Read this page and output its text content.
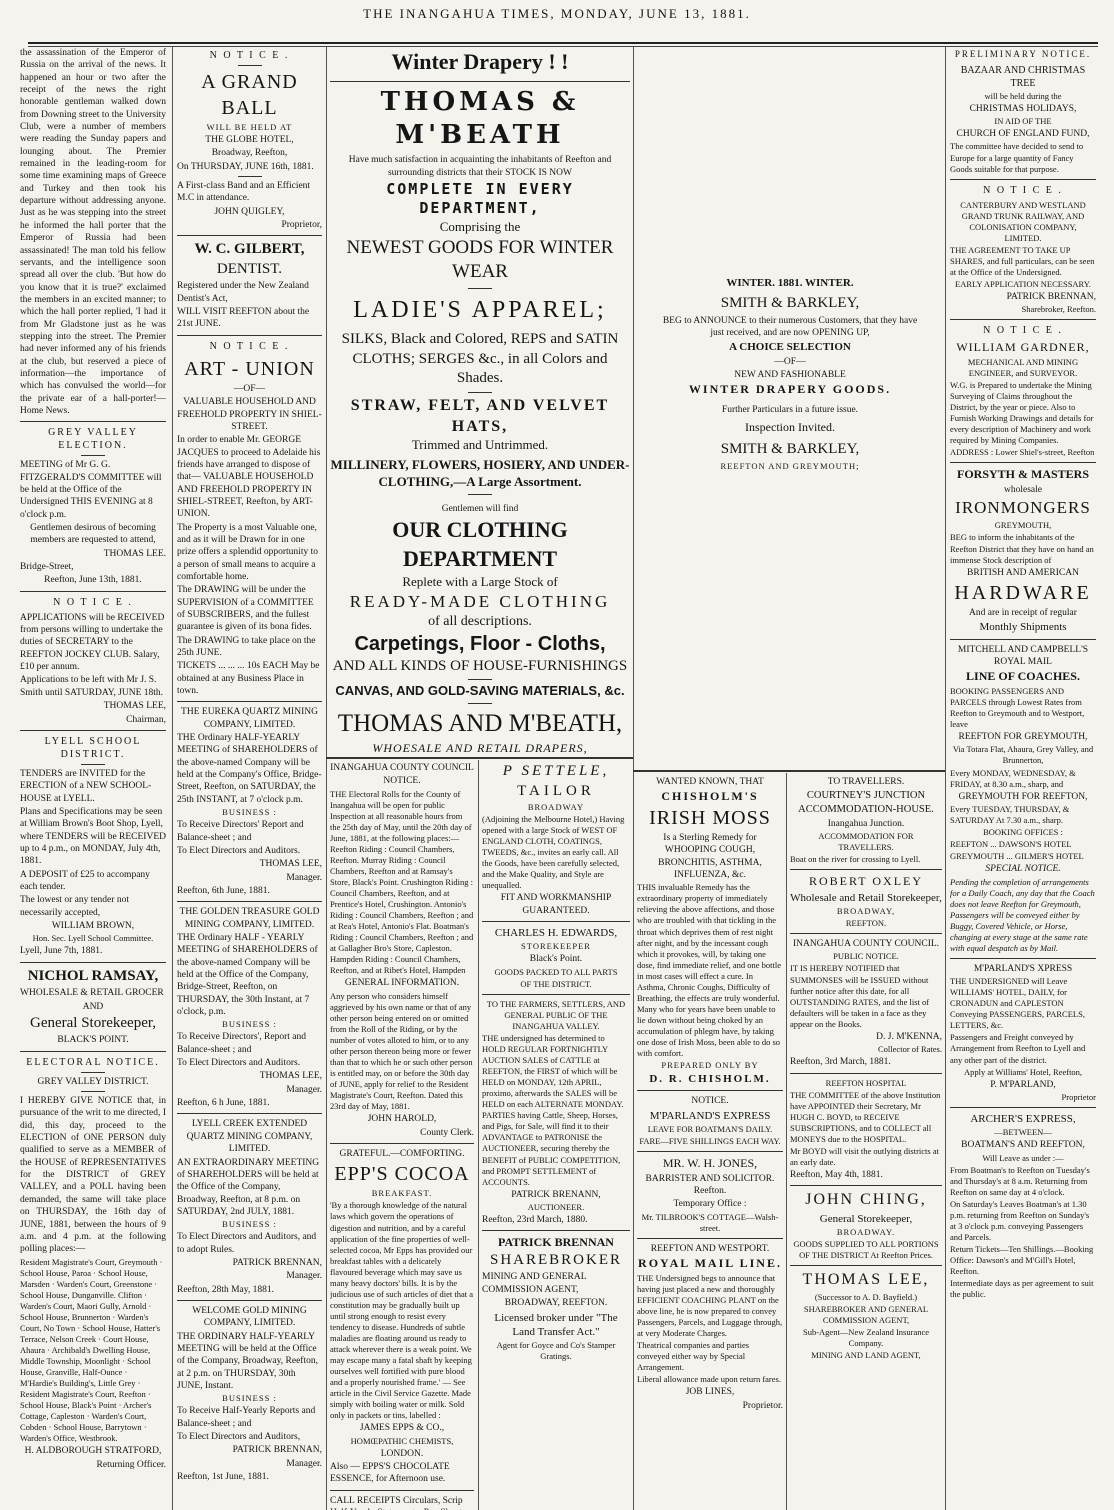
THE INANGAHUA TIMES, MONDAY, JUNE 13, 1881.

the assassination of the Emperor of Russia on the arrival of the news. It happened an hour or two after the receipt of the news the right honorable gentleman walked down from Downing street to the University Club, were a number of members were reading the Sunday papers and lounging about. The Premier remained in the leading-room for some time examining maps of Greece and Turkey and then took his departure without addressing anyone. Just as he was stepping into the street he informed the hall porter that the Emperor of Russia had been assassinated! The man told his fellow servants, and the intelligence soon spread all over the club. 'But how do you know that it is true?' exclaimed the members in an excited manner; to which the hall porter replied, 'I had it from Mr Gladstone just as he was stepping into the street. The Premier had never informed any of his friends at the club, but reserved a piece of information—the importance of which has convulsed the world—for the private ear of a hall-porter!—Home News.

GREY VALLEY ELECTION.

MEETING of Mr G. G. FITZGERALD'S COMMITTEE will be held at the Office of the Undersigned THIS EVENING at 8 o'clock p.m.

Gentlemen desirous of becoming members are requested to attend,

THOMAS LEE.

Bridge-Street,

Reefton, June 13th, 1881.

N O T I C E .

APPLICATIONS will be RECEIVED from persons willing to undertake the duties of SECRETARY to the REEFTON JOCKEY CLUB. Salary, £10 per annum.

Applications to be left with Mr J. S. Smith until SATURDAY, JUNE 18th.

THOMAS LEE,

Chairman,

LYELL SCHOOL DISTRICT.

TENDERS are INVITED for the ERECTION of a NEW SCHOOL-HOUSE at LYELL.

Plans and Specifications may be seen at William Brown's Boot Shop, Lyell, where TENDERS will be RECEIVED up to 4 p.m., on MONDAY, July 4th, 1881.

A DEPOSIT of £25 to accompany each tender.

The lowest or any tender not necessarily accepted,

WILLIAM BROWN,

Hon. Sec. Lyell School Committee.

Lyell, June 7th, 1881.

NICHOL RAMSAY,

WHOLESALE & RETAIL GROCER

AND

General Storekeeper,

BLACK'S POINT.

ELECTORAL NOTICE.

GREY VALLEY DISTRICT.

I HEREBY GIVE NOTICE that, in pursuance of the writ to me directed, I did, this day, proceed to the ELECTION of ONE PERSON duly qualified to serve as a MEMBER of the HOUSE of REPRESENTATIVES for the DISTRICT of GREY VALLEY, and a POLL having been demanded, the same will take place on THURSDAY, the 16th day of JUNE, 1881, between the hours of 9 a.m. and 4 p.m. at the following polling places:—

Resident Magistrate's Court, Greymouth · School House, Paroa · School House, Marsden · Warden's Court, Greenstone · School House, Dunganville. Clifton · Warden's Court, Maori Gully, Arnold · School House, Brunnerton · Warden's Court, No Town · School House, Hatter's Terrace, Nelson Creek · Court House, Ahaura · Archibald's Dwelling House, Middle Township, Moonlight · School House, Granville, Half-Ounce · M'Hardie's Building's, Little Grey · Resident Magistrate's Court, Reefton · School House, Black's Point · Archer's Cottage, Capleston · Warden's Court, Cobden · School House, Barrytown · Warden's Office, Westbrook.

H. ALDBOROUGH STRATFORD,

Returning Officer.

N O T I C E .
A GRAND BALL

WILL BE HELD AT

THE GLOBE HOTEL,

Broadway, Reefton,

On THURSDAY, JUNE 16th, 1881.

A First-class Band and an Efficient M.C in attendance.

JOHN QUIGLEY,

Proprietor,

W. C. GILBERT,
DENTIST.

Registered under the New Zealand Dentist's Act,

WILL VISIT REEFTON about the 21st JUNE.

N O T I C E .
ART - UNION

—OF—

VALUABLE HOUSEHOLD AND FREEHOLD PROPERTY IN SHIEL-STREET.

In order to enable Mr. GEORGE JACQUES to proceed to Adelaide his friends have arranged to dispose of that— VALUABLE HOUSEHOLD AND FREEHOLD PROPERTY IN SHIEL-STREET, Reefton, by ART-UNION.

The Property is a most Valuable one, and as it will be Drawn for in one prize offers a splendid opportunity to a person of small means to acquire a comfortable home.

The DRAWING will be under the SUPERVISION of a COMMITTEE of SUBSCRIBERS, and the fullest guarantee is given of its bona fides.

The DRAWING to take place on the 25th JUNE.

TICKETS ... ... ... 10s EACH May be obtained at any Business Place in town.

THE EUREKA QUARTZ MINING COMPANY, LIMITED.

THE Ordinary HALF-YEARLY MEETING of SHAREHOLDERS of the above-named Company will be held at the Company's Office, Bridge-Street, Reefton, on SATURDAY, the 25th INSTANT, at 7 o'clock p.m.

BUSINESS :

To Receive Directors' Report and Balance-sheet ; and

To Elect Directors and Auditors.

THOMAS LEE,

Manager.

Reefton, 6th June, 1881.

THE GOLDEN TREASURE GOLD MINING COMPANY, LIMITED.

THE Ordinary HALF - YEARLY MEETING of SHAREHOLDERS of the above-named Company will be held at the Office of the Company, Bridge-Street, Reefton, on THURSDAY, the 30th Instant, at 7 o'clock, p.m.

BUSINESS :

To Receive Directors', Report and Balance-sheet ; and

To Elect Directors and Auditors.

THOMAS LEE,

Manager.

Reefton, 6 h June, 1881.

LYELL CREEK EXTENDED QUARTZ MINING COMPANY, LIMITED.

AN EXTRAORDINARY MEETING of SHAREHOLDERS will be held at the Office of the Company, Broadway, Reefton, at 8 p.m. on SATURDAY, 2nd JULY, 1881.

BUSINESS :

To Elect Directors and Auditors, and to adopt Rules.

PATRICK BRENNAN,

Manager.

Reefton, 28th May, 1881.

WELCOME GOLD MINING COMPANY, LIMITED.

THE ORDINARY HALF-YEARLY MEETING will be held at the Office of the Company, Broadway, Reefton, at 2 p.m. on THURSDAY, 30th JUNE, Instant.

BUSINESS :

To Receive Half-Yearly Reports and Balance-sheet ; and

To Elect Directors and Auditors,

PATRICK BRENNAN,

Manager.

Reefton, 1st June, 1881.

Winter Drapery ! !
THOMAS & M'BEATH

Have much satisfaction in acquainting the inhabitants of Reefton and surrounding districts that their STOCK IS NOW

COMPLETE IN EVERY DEPARTMENT,
Comprising the
NEWEST GOODS FOR WINTER WEAR
LADIE'S APPAREL;
SILKS, Black and Colored, REPS and SATIN CLOTHS; SERGES &c., in all Colors and Shades.
STRAW, FELT, AND VELVET HATS,
Trimmed and Untrimmed.
MILLINERY, FLOWERS, HOSIERY, AND UNDER-CLOTHING,—A Large Assortment.

Gentlemen will find

OUR CLOTHING DEPARTMENT
Replete with a Large Stock of
READY-MADE CLOTHING
of all descriptions.
Carpetings, Floor - Cloths,
AND ALL KINDS OF HOUSE-FURNISHINGS
CANVAS, AND GOLD-SAVING MATERIALS, &c.
THOMAS AND M'BEATH,
WHOESALE AND RETAIL DRAPERS,
INANGAHUA COUNTY COUNCIL

NOTICE.

THE Electoral Rolls for the County of Inangahua will be open for public Inspection at all reasonable hours from the 25th day of May, until the 20th day of June, 1881, at the following places:— Reefton Riding : Council Chambers, Reefton. Murray Riding : Council Chambers, Reefton and at Ramsay's Store, Black's Point. Crushington Riding : Council Chambers, Reefton, and at Prentice's Hotel, Crushington. Antonio's Riding : Council Chambers, Reefton ; and at Rea's Hotel, Antonio's Flat. Boatman's Riding : Council Chambers, Reefton ; and at Gallagher Bro's Store, Capleston. Hampden Riding : Council Chambers, Reefton, and at Ribet's Hotel, Hampden

GENERAL INFORMATION.

Any person who considers himself aggrieved by his own name or that of any other person being entered on or omitted from the Roll of the Riding, or by the number of votes alloted to him, or to any other person thereon being more or fewer than that to which he or such other person is entitled may, on or before the 30th day of JUNE, apply for relief to the Resident Magistrate's Court, Reefton. Dated this 23rd day of May, 1881.

JOHN HAROLD,

County Clerk.

GRATEFUL.—COMFORTING.

EPP'S COCOA

BREAKFAST.

'By a thorough knowledge of the natural laws which govern the operations of digestion and nutrition, and by a careful application of the fine properties of well-selected cocoa, Mr Epps has provided our breakfast tables with a delicately flavoured beverage which may save us many heavy doctors' bills. It is by the judicious use of such articles of diet that a constitution may be gradually built up until strong enough to resist every tendency to disease. Hundreds of subtle maladies are floating around us ready to attack wherever there is a weak point. We may escape many a fatal shaft by keeping ourselves well fortified with pure blood and a properly nourished frame.' — See article in the Civil Service Gazette. Made simply with boiling water or milk. Sold only in packets or tins, labelled :

JAMES EPPS & CO.,

HOMŒPATHIC CHEMISTS,

LONDON.

Also — EPPS'S CHOCOLATE ESSENCE, for Afternoon use.

CALL RECEIPTS Circulars, Scrip

P SETTELE,
TAILOR

BROADWAY

(Adjoining the Melbourne Hotel,) Having opened with a large Stock of WEST OF ENGLAND CLOTH, COATINGS, TWEEDS, &c., invites an early call. All the Goods, have been carefully selected, and the Make Quality, and Style are unequalled.

FIT AND WORKMANSHIP GUARANTEED.

CHARLES H. EDWARDS,

STOREKEEPER

Black's Point.

GOODS PACKED TO ALL PARTS

OF THE DISTRICT.

TO THE FARMERS, SETTLERS, AND GENERAL PUBLIC OF THE INANGAHUA VALLEY.

THE undersigned has determined to HOLD REGULAR FORTNIGHTLY AUCTION SALES of CATTLE at REEFTON, the FIRST of which will be HELD on MONDAY, 12th APRIL, proximo, afterwards the SALES will be HELD on each ALTERNATE MONDAY. PARTIES having Cattle, Sheep, Horses, and Pigs, for Sale, will find it to their ADVANTAGE to PATRONISE the AUCTIONEER, securing thereby the BENEFIT of PUBLIC COMPETITION, and PROMPT SETTLEMENT of ACCOUNTS.

PATRICK BRENANN,

AUCTIONEER.

Reefton, 23rd March, 1880.

PATRICK BRENNAN
SHAREBROKER

MINING AND GENERAL COMMISSION AGENT,

BROADWAY, REEFTON.

Licensed broker under "The Land Transfer Act."

Agent for Goyce and Co's Stamper Gratings.

WINTER. 1881. WINTER.
SMITH & BARKLEY,

BEG to ANNOUNCE to their numerous Customers, that they have just received, and are now OPENING UP,

A CHOICE SELECTION

—OF—

NEW AND FASHIONABLE

WINTER DRAPERY GOODS.

Further Particulars in a future issue.

Inspection Invited.
SMITH & BARKLEY,

REEFTON AND GREYMOUTH;

WANTED KNOWN, THAT

CHISHOLM'S
IRISH MOSS

Is a Sterling Remedy for WHOOPING COUGH, BRONCHITIS, ASTHMA, INFLUENZA, &c.

THIS invaluable Remedy has the extraordinary property of immediately relieving the above affections, and those who are troubled with that tickling in the throat which deprives them of rest night after night, and by the incessant cough which it provokes, will, by taking one dose, find immediate relief, and one bottle in most cases will effect a cure. In Asthma, Chronic Coughs, Difficulty of Breathing, the effects are truly wonderful. Many who for years have been unable to lie down without being choked by an accumulation of phlegm have, by taking one dose of Irish Moss, been able to do so with comfort.

PREPARED ONLY BY

D. R. CHISHOLM.

NOTICE.

M'PARLAND'S EXPRESS

LEAVE FOR BOATMAN'S DAILY.

FARE—FIVE SHILLINGS EACH WAY.

MR. W. H. JONES,

BARRISTER AND SOLICITOR. Reefton.

Temporary Office :

Mr. TILBROOK'S COTTAGE—Walsh-street.

REEFTON AND WESTPORT.

ROYAL MAIL LINE.

THE Undersigned begs to announce that having just placed a new and thoroughly EFFICIENT COACHING PLANT on the above line, he is now prepared to convey Passengers, Parcels, and Luggage through, at very Moderate Charges.

Theatrical companies and parties conveyed either way by Special Arrangement.

Liberal allowance made upon return fares.

JOB LINES,

Proprietor.

TO TRAVELLERS.

COURTNEY'S JUNCTION ACCOMMODATION-HOUSE.

Inangahua Junction.

ACCOMMODATION FOR TRAVELLERS.

Boat on the river for crossing to Lyell.

ROBERT OXLEY

Wholesale and Retail Storekeeper,

BROADWAY,

REEFTON.

INANGAHUA COUNTY COUNCIL.

PUBLIC NOTICE.

IT IS HEREBY NOTIFIED that SUMMONSES will be ISSUED without further notice after this date, for all OUTSTANDING RATES, and the list of defaulters will be taken in a face as they appear on the Books.

D. J. M'KENNA,

Collector of Rates.

Reefton, 3rd March, 1881.

REEFTON HOSPITAL

THE COMMITTEE of the above Institution have APPOINTED their Secretary, Mr HUGH C. BOYD, to RECEIVE SUBSCRIPTIONS, and to COLLECT all MONEYS due to the HOSPITAL.

Mr BOYD will visit the outlying districts at an early date.

Reefton, May 4th, 1881.

JOHN CHING,

General Storekeeper,

BROADWAY.

GOODS SUPPLIED TO ALL PORTIONS OF THE DISTRICT At Reefton Prices.

THOMAS LEE,

(Successor to A. D. Bayfield.)

SHAREBROKER AND GENERAL COMMISSION AGENT,

Sub-Agent—New Zealand Insurance Company.

MINING AND LAND AGENT,

PRELIMINARY NOTICE.
BAZAAR AND CHRISTMAS TREE

will be held during the

CHRISTMAS HOLIDAYS,

IN AID OF THE

CHURCH OF ENGLAND FUND,

The committee have decided to send to Europe for a large quantity of Fancy Goods suitable for that purpose.

N O T I C E .

CANTERBURY AND WESTLAND GRAND TRUNK RAILWAY, AND COLONISATION COMPANY, LIMITED.

THE AGREEMENT TO TAKE UP SHARES, and full particulars, can be seen at the Office of the Undersigned.

EARLY APPLICATION NECESSARY.

PATRICK BRENNAN,

Sharebroker, Reefton.

N O T I C E .
WILLIAM GARDNER,

MECHANICAL AND MINING ENGINEER, and SURVEYOR.

W.G. is Prepared to undertake the Mining Surveying of Claims throughout the District, by the year or piece. Also to Furnish Working Drawings and details for every description of Machinery and work required by Mining Companies.

ADDRESS : Lower Shiel's-street, Reefton

FORSYTH & MASTERS

wholesale

IRONMONGERS

GREYMOUTH,

BEG to inform the inhabitants of the Reefton District that they have on hand an immense Stock description of

BRITISH AND AMERICAN

HARDWARE

And are in receipt of regular

Monthly Shipments

MITCHELL AND CAMPBELL'S ROYAL MAIL

LINE OF COACHES.

BOOKING PASSENGERS AND PARCELS through Lowest Rates from Reefton to Greymouth and to Westport, leave

REEFTON FOR GREYMOUTH,

Via Totara Flat, Ahaura, Grey Valley, and Brunnerton,

Every MONDAY, WEDNESDAY, & FRIDAY, at 8.30 a.m., sharp, and

GREYMOUTH FOR REEFTON,

Every TUESDAY, THURSDAY, & SATURDAY At 7.30 a.m., sharp.

BOOKING OFFICES :

REEFTON ... DAWSON'S HOTEL

GREYMOUTH ... GILMER'S HOTEL

SPECIAL NOTICE.

Pending the completion of arrangements for a Daily Coach, any day that the Coach does not leave Reefton for Greymouth, Passengers will be conveyed either by Buggy, Covered Vehicle, or Horse, changing at every stage at the same rate with equal despatch as by Mail.

M'PARLAND'S XPRESS

THE UNDERSIGNED will Leave WILLIAMS' HOTEL, DAILY, for CRONADUN and CAPLESTON Conveying PASSENGERS, PARCELS, LETTERS, &c.

Passengers and Freight conveyed by Arrangement from Reefton to Lyell and any other part of the district.

Apply at Williams' Hotel, Reefton,

P. M'PARLAND,

Proprietor

ARCHER'S EXPRESS,

—BETWEEN—

BOATMAN'S AND REEFTON,

Will Leave as under :—

From Boatman's to Reefton on Tuesday's and Thursday's at 8 a.m. Returning from Reefton on same day at 4 o'clock.

On Saturday's Leaves Boatman's at 1.30 p.m. returning from Reefton on Sunday's at 3 o'clock p.m. conveying Passengers and Parcels.

Return Tickets—Ten Shillings.—Booking Office: Dawson's and M'Gill's Hotel, Reefton.

Intermediate days as per agreement to suit the public.
